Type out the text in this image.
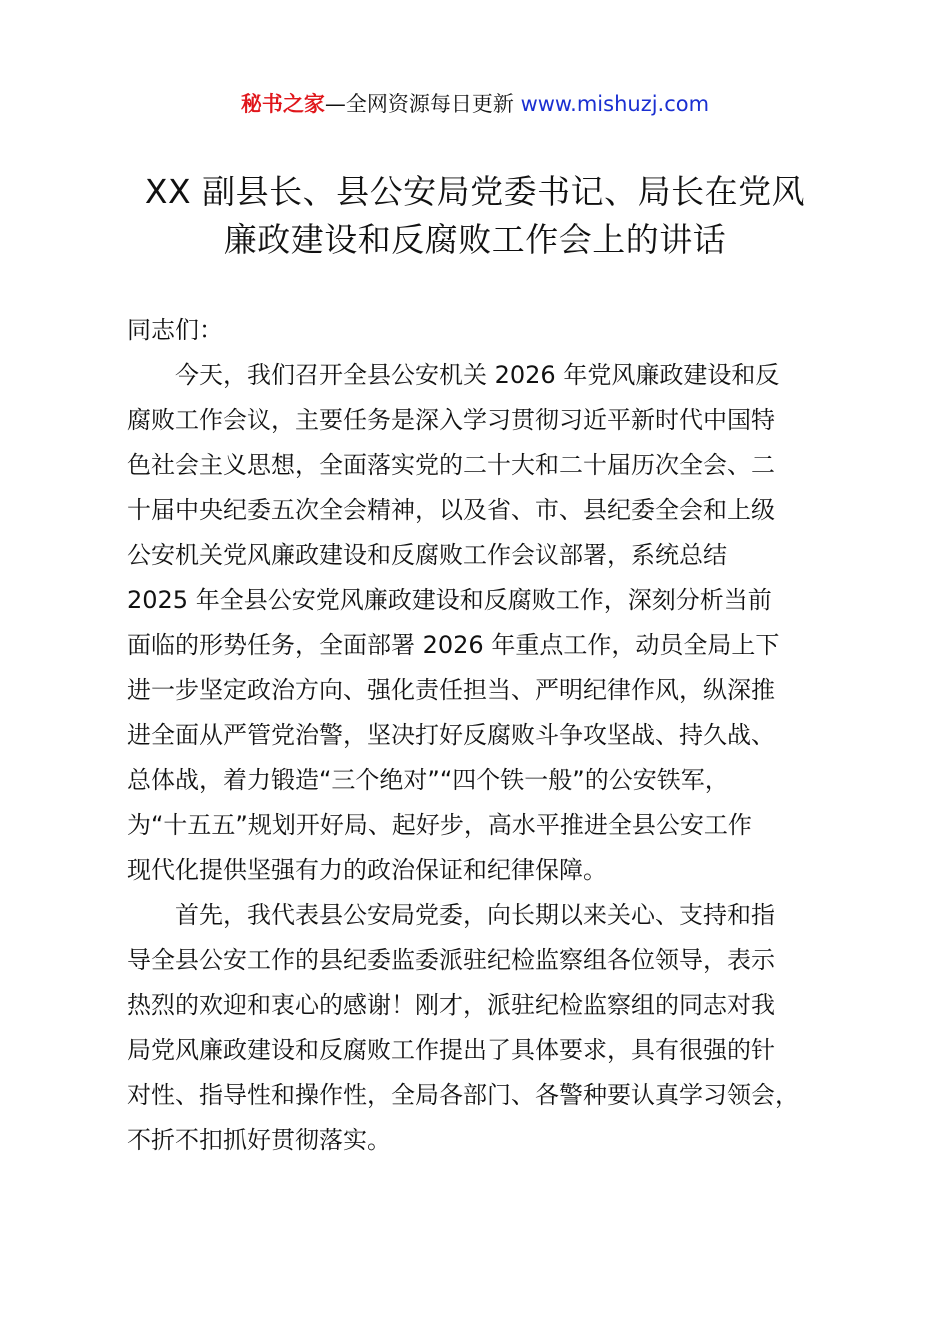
秘书之家—全网资源每日更新 www.mishuzj.com
XX 副县长、县公安局党委书记、局长在党风
廉政建设和反腐败工作会上的讲话
同志们：
　　今天，我们召开全县公安机关 2026 年党风廉政建设和反
腐败工作会议，主要任务是深入学习贯彻习近平新时代中国特
色社会主义思想，全面落实党的二十大和二十届历次全会、二
十届中央纪委五次全会精神，以及省、市、县纪委全会和上级
公安机关党风廉政建设和反腐败工作会议部署，系统总结
2025 年全县公安党风廉政建设和反腐败工作，深刻分析当前
面临的形势任务，全面部署 2026 年重点工作，动员全局上下
进一步坚定政治方向、强化责任担当、严明纪律作风，纵深推
进全面从严管党治警，坚决打好反腐败斗争攻坚战、持久战、
总体战，着力锻造“三个绝对”“四个铁一般”的公安铁军，
为“十五五”规划开好局、起好步，高水平推进全县公安工作
现代化提供坚强有力的政治保证和纪律保障。
　　首先，我代表县公安局党委，向长期以来关心、支持和指
导全县公安工作的县纪委监委派驻纪检监察组各位领导，表示
热烈的欢迎和衷心的感谢！刚才，派驻纪检监察组的同志对我
局党风廉政建设和反腐败工作提出了具体要求，具有很强的针
对性、指导性和操作性，全局各部门、各警种要认真学习领会，
不折不扣抓好贯彻落实。
